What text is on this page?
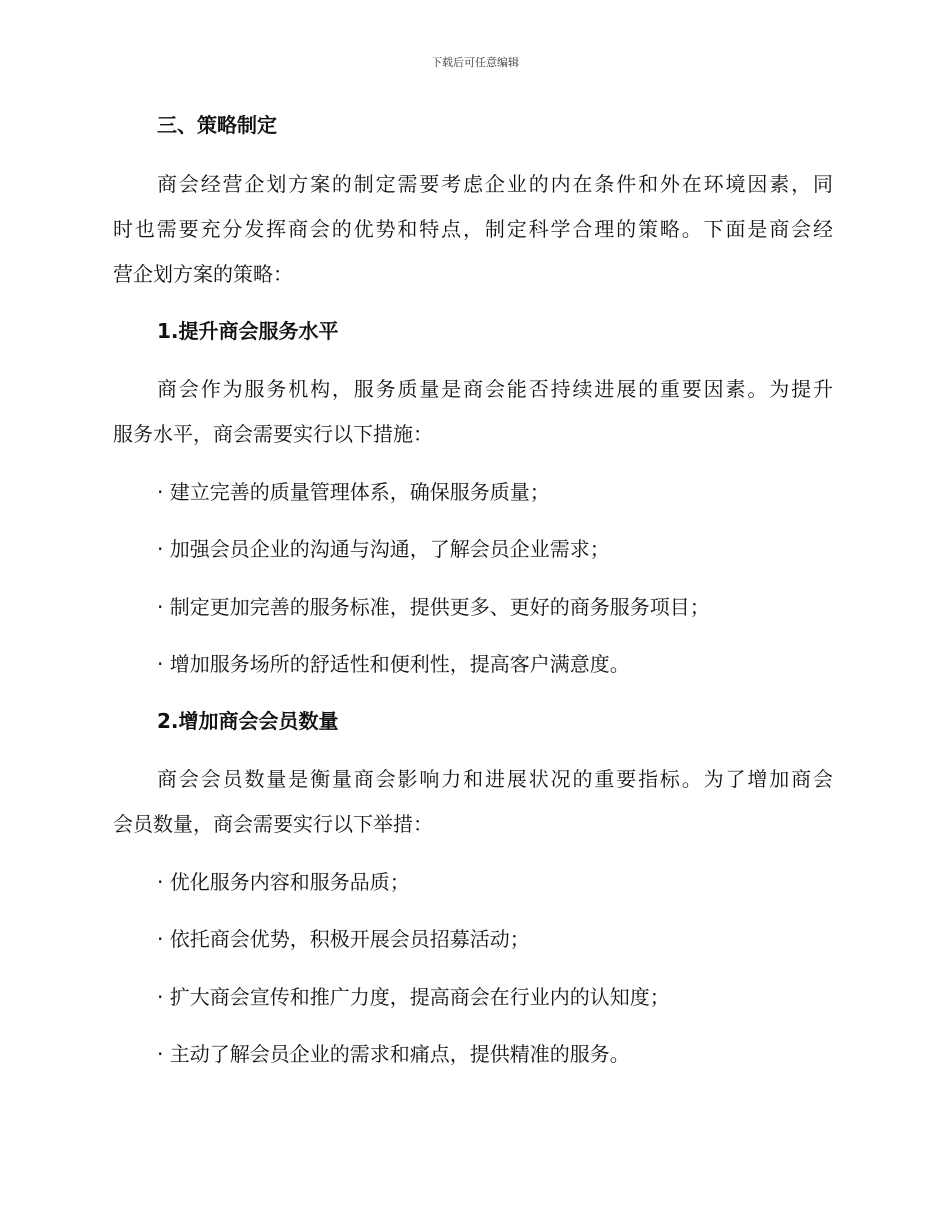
下载后可任意编辑
三、策略制定
商会经营企划方案的制定需要考虑企业的内在条件和外在环境因素，同
时也需要充分发挥商会的优势和特点，制定科学合理的策略。下面是商会经
营企划方案的策略：
1.提升商会服务水平
商会作为服务机构，服务质量是商会能否持续进展的重要因素。为提升
服务水平，商会需要实行以下措施：
· 建立完善的质量管理体系，确保服务质量；
· 加强会员企业的沟通与沟通，了解会员企业需求；
· 制定更加完善的服务标准，提供更多、更好的商务服务项目；
· 增加服务场所的舒适性和便利性，提高客户满意度。
2.增加商会会员数量
商会会员数量是衡量商会影响力和进展状况的重要指标。为了增加商会
会员数量，商会需要实行以下举措：
· 优化服务内容和服务品质；
· 依托商会优势，积极开展会员招募活动；
· 扩大商会宣传和推广力度，提高商会在行业内的认知度；
· 主动了解会员企业的需求和痛点，提供精准的服务。
